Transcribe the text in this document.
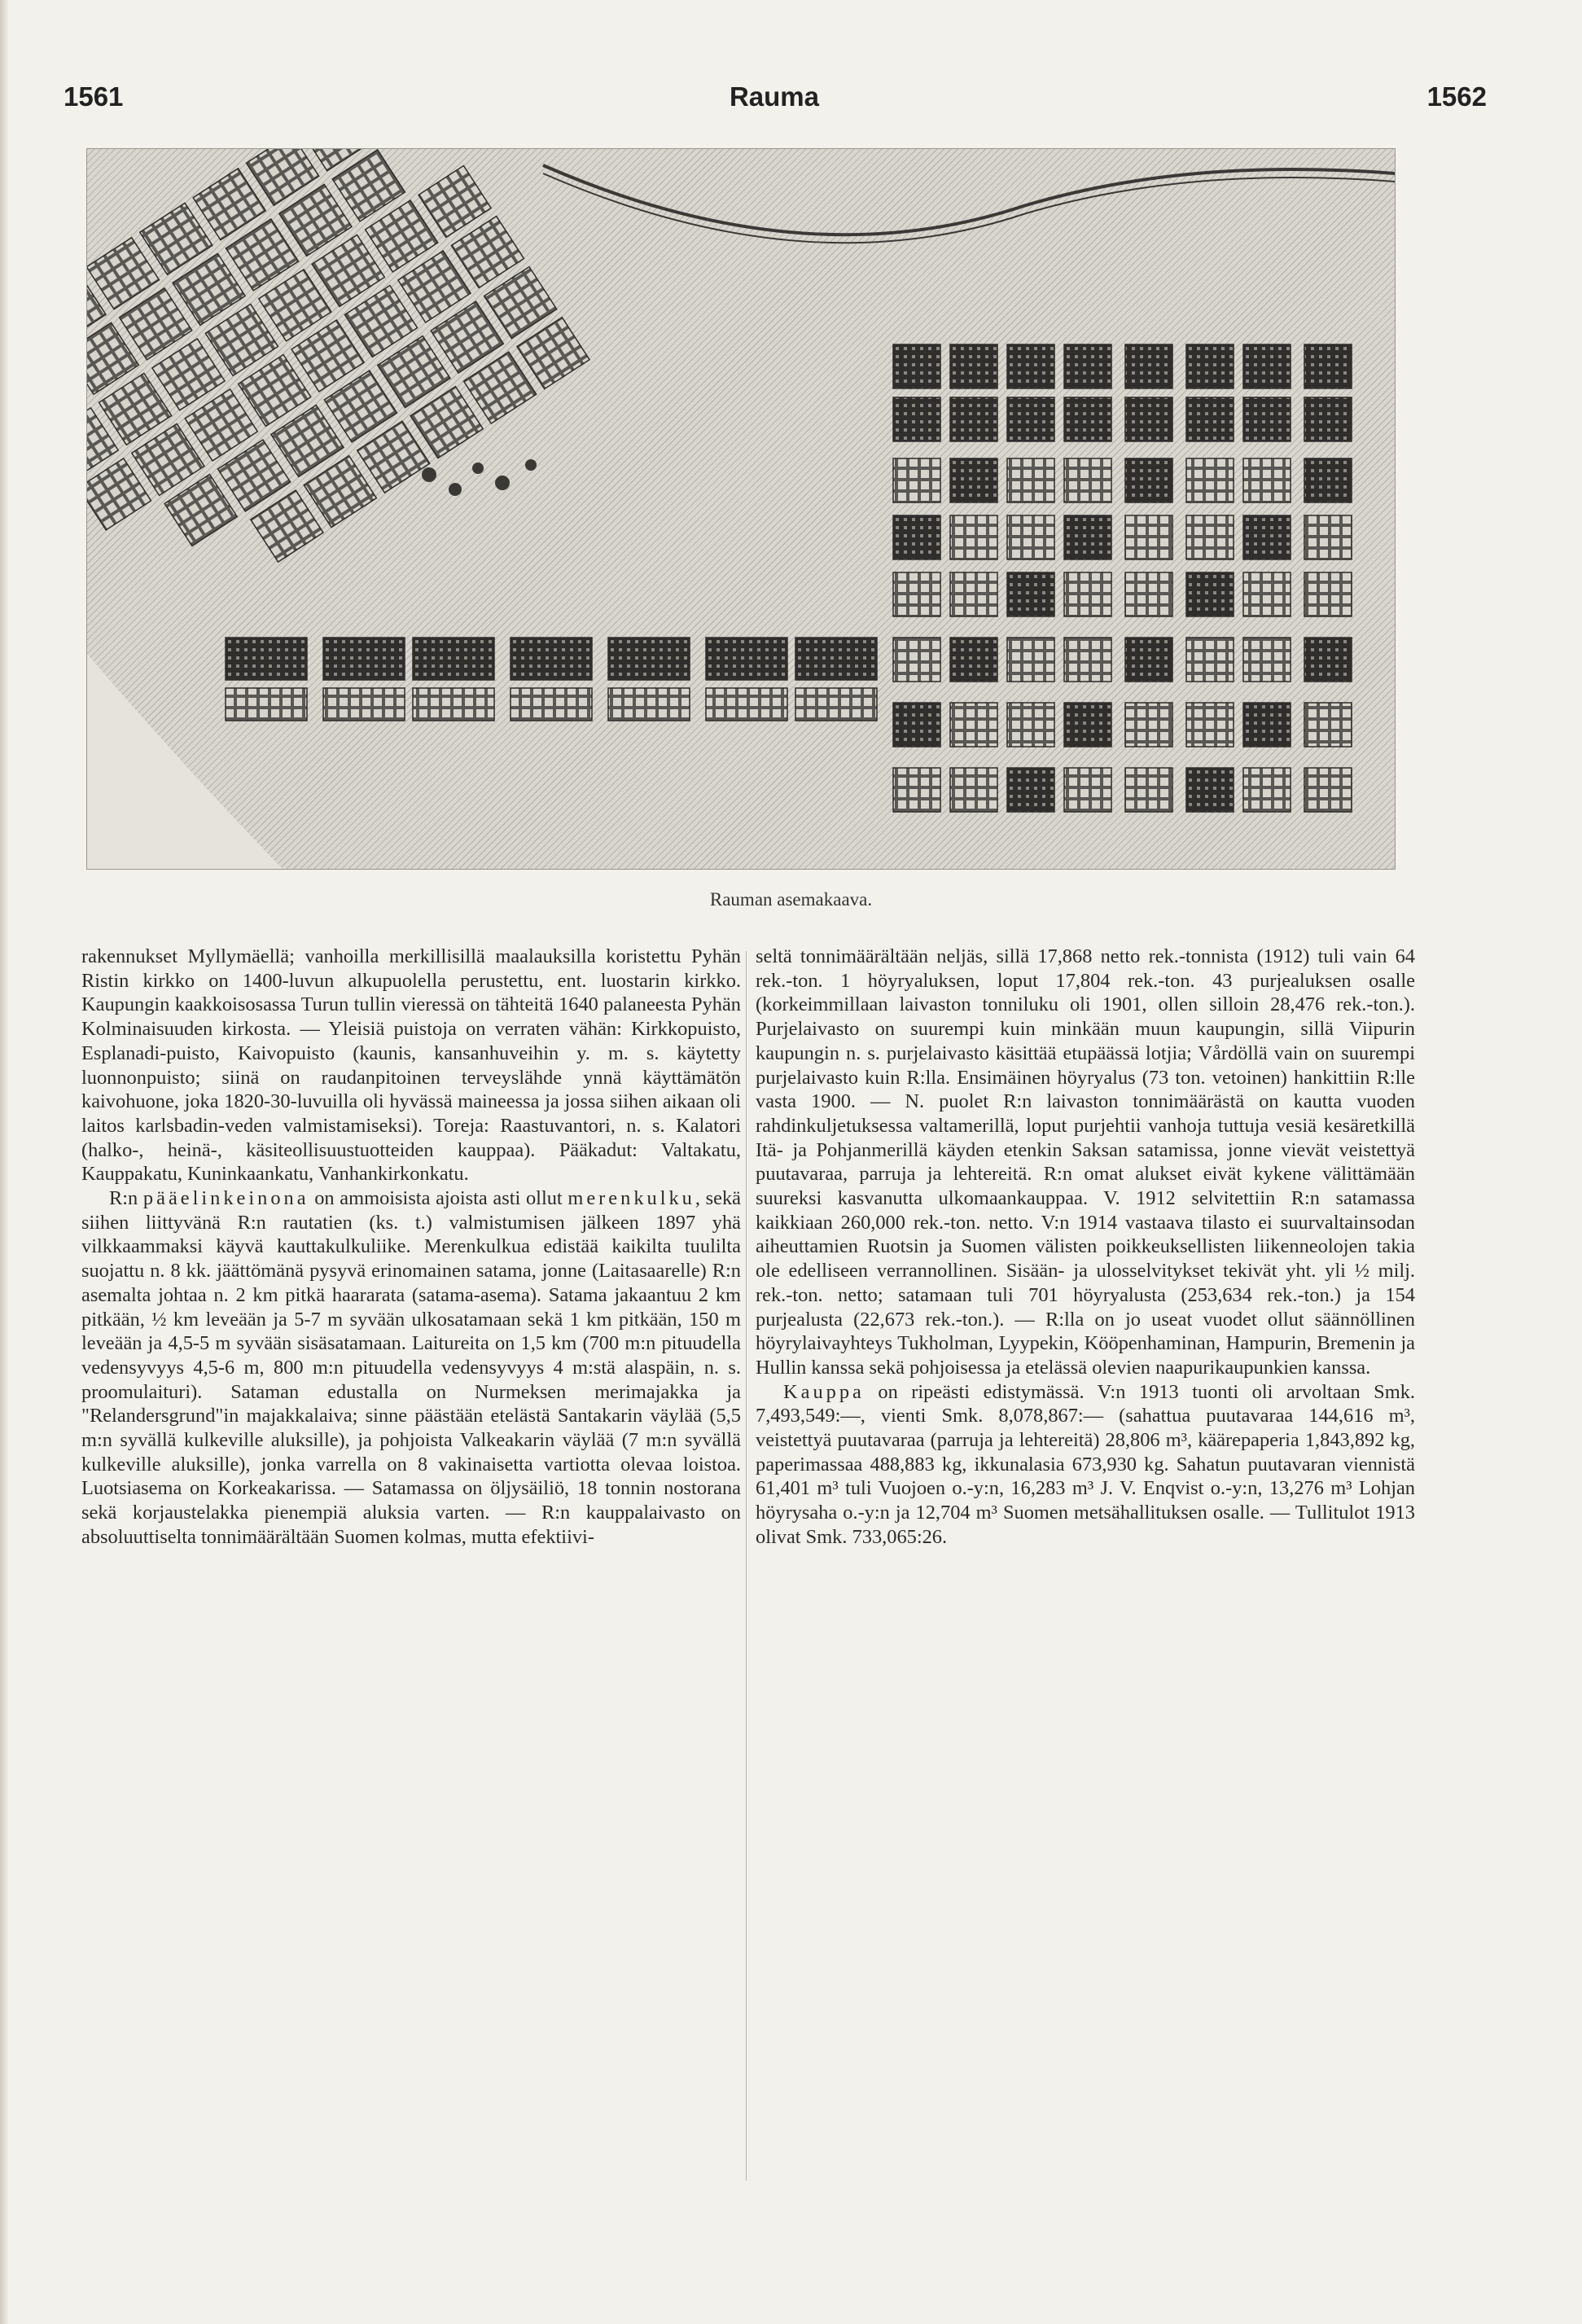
1561	Rauma	1562
Rauman asemakaava.

rakennukset Myllymäellä; vanhoilla merkillisillä maalauksilla koristettu Pyhän Ristin kirkko on 1400-luvun alkupuolella perustettu, ent. luostarin kirkko. Kaupungin kaakkoisosassa Turun tullin vieressä on tähteitä 1640 palaneesta Pyhän Kolminaisuuden kirkosta. — Yleisiä puistoja on verraten vähän: Kirkkopuisto, Esplanadi-puisto, Kaivopuisto (kaunis, kansanhuveihin y. m. s. käytetty luonnonpuisto; siinä on raudanpitoinen terveyslähde ynnä käyttämätön kaivohuone, joka 1820-30-luvuilla oli hyvässä maineessa ja jossa siihen aikaan oli laitos karlsbadin-veden valmistamiseksi). Toreja: Raastuvantori, n. s. Kalatori (halko-, heinä-, käsiteollisuustuotteiden kauppaa). Pääkadut: Valtakatu, Kauppakatu, Kuninkaankatu, Vanhankirkonkatu.

R:n pääelinkeinona on ammoisista ajoista asti ollut merenkulku, sekä siihen liittyvänä R:n rautatien (ks. t.) valmistumisen jälkeen 1897 yhä vilkkaammaksi käyvä kauttakulkuliike. Merenkulkua edistää kaikilta tuulilta suojattu n. 8 kk. jäättömänä pysyvä erinomainen satama, jonne (Laitasaarelle) R:n asemalta johtaa n. 2 km pitkä haararata (satama-asema). Satama jakaantuu 2 km pitkään, ½ km leveään ja 5-7 m syvään ulkosatamaan sekä 1 km pitkään, 150 m leveään ja 4,5-5 m syvään sisäsatamaan. Laitureita on 1,5 km (700 m:n pituudella vedensyvyys 4,5-6 m, 800 m:n pituudella vedensyvyys 4 m:stä alaspäin, n. s. proomulaituri). Sataman edustalla on Nurmeksen merimajakka ja "Relandersgrund"in majakkalaiva; sinne päästään etelästä Santakarin väylää (5,5 m:n syvällä kulkeville aluksille), ja pohjoista Valkeakarin väylää (7 m:n syvällä kulkeville aluksille), jonka varrella on 8 vakinaisetta vartiotta olevaa loistoa. Luotsiasema on Korkeakarissa. — Satamassa on öljysäiliö, 18 tonnin nostorana sekä korjaustelakka pienempiä aluksia varten. — R:n kauppalaivasto on absoluuttiselta tonnimäärältään Suomen kolmas, mutta efektiivi-

seltä tonnimäärältään neljäs, sillä 17,868 netto rek.-tonnista (1912) tuli vain 64 rek.-ton. 1 höyryaluksen, loput 17,804 rek.-ton. 43 purjealuksen osalle (korkeimmillaan laivaston tonniluku oli 1901, ollen silloin 28,476 rek.-ton.). Purjelaivasto on suurempi kuin minkään muun kaupungin, sillä Viipurin kaupungin n. s. purjelaivasto käsittää etupäässä lotjia; Vårdöllä vain on suurempi purjelaivasto kuin R:lla. Ensimäinen höyryalus (73 ton. vetoinen) hankittiin R:lle vasta 1900. — N. puolet R:n laivaston tonnimäärästä on kautta vuoden rahdinkuljetuksessa valtamerillä, loput purjehtii vanhoja tuttuja vesiä kesäretkillä Itä- ja Pohjanmerillä käyden etenkin Saksan satamissa, jonne vievät veistettyä puutavaraa, parruja ja lehtereitä. R:n omat alukset eivät kykene välittämään suureksi kasvanutta ulkomaankauppaa. V. 1912 selvitettiin R:n satamassa kaikkiaan 260,000 rek.-ton. netto. V:n 1914 vastaava tilasto ei suurvaltainsodan aiheuttamien Ruotsin ja Suomen välisten poikkeuksellisten liikenneolojen takia ole edelliseen verrannollinen. Sisään- ja ulosselvitykset tekivät yht. yli ½ milj. rek.-ton. netto; satamaan tuli 701 höyryalusta (253,634 rek.-ton.) ja 154 purjealusta (22,673 rek.-ton.). — R:lla on jo useat vuodet ollut säännöllinen höyrylaivayhteys Tukholman, Lyypekin, Kööpenhaminan, Hampurin, Bremenin ja Hullin kanssa sekä pohjoisessa ja etelässä olevien naapurikaupunkien kanssa.

Kauppa on ripeästi edistymässä. V:n 1913 tuonti oli arvoltaan Smk. 7,493,549:—, vienti Smk. 8,078,867:— (sahattua puutavaraa 144,616 m³, veistettyä puutavaraa (parruja ja lehtereitä) 28,806 m³, käärepaperia 1,843,892 kg, paperimassaa 488,883 kg, ikkunalasia 673,930 kg. Sahatun puutavaran viennistä 61,401 m³ tuli Vuojoen o.-y:n, 16,283 m³ J. V. Enqvist o.-y:n, 13,276 m³ Lohjan höyrysaha o.-y:n ja 12,704 m³ Suomen metsähallituksen osalle. — Tullitulot 1913 olivat Smk. 733,065:26.
